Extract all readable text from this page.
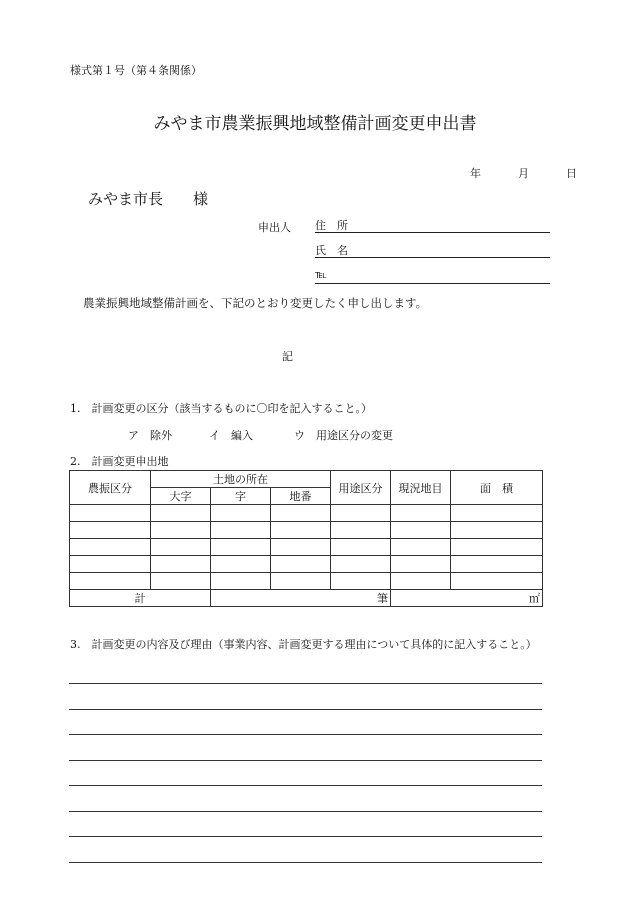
様式第１号（第４条関係）
みやま市農業振興地域整備計画変更申出書
年	月	日
みやま市長　　様
申出人 住　所
氏　名
℡
農業振興地域整備計画を、下記のとおり変更したく申し出します。
記
1.　計画変更の区分（該当するものに〇印を記入すること。）
ア　除外	イ　編入	ウ　用途区分の変更
2.　計画変更申出地
農振区分	土地の所在			用途区分	現況地目	面　積
	大字	字	地番			

計		筆			㎡	
3.　計画変更の内容及び理由（事業内容、計画変更する理由について具体的に記入すること。）
